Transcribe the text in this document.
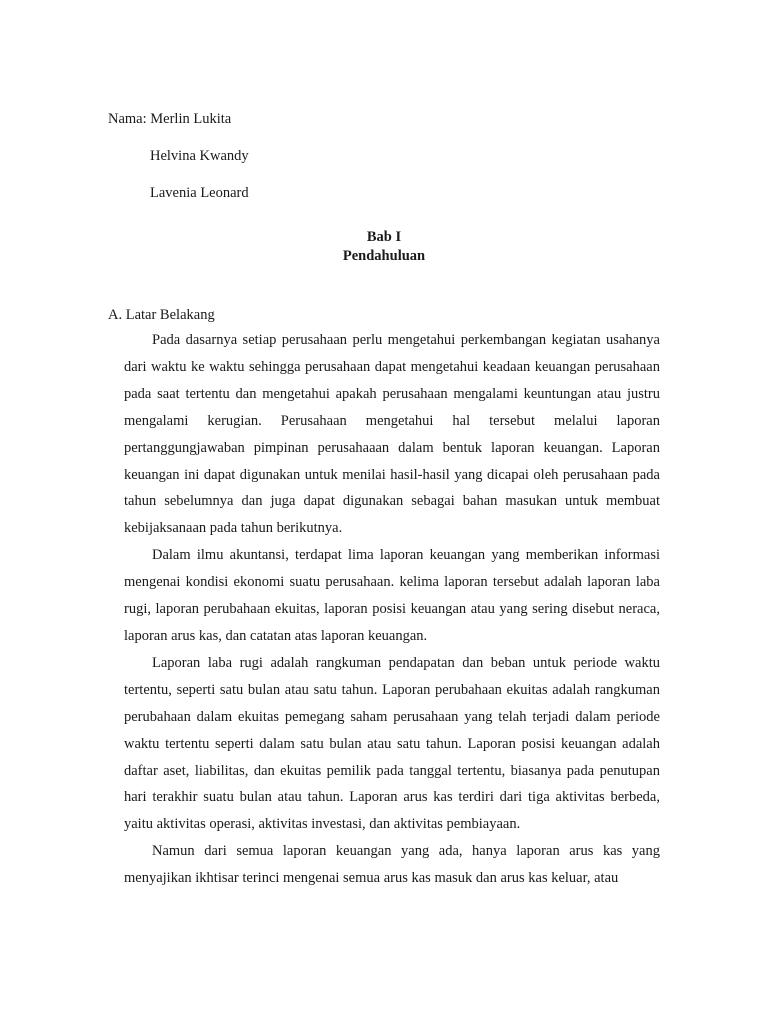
Nama: Merlin Lukita
Helvina Kwandy
Lavenia Leonard
Bab I
Pendahuluan
A. Latar Belakang

Pada dasarnya setiap perusahaan perlu mengetahui perkembangan kegiatan usahanya dari waktu ke waktu sehingga perusahaan dapat mengetahui keadaan keuangan perusahaan pada saat tertentu dan mengetahui apakah perusahaan mengalami keuntungan atau justru mengalami kerugian. Perusahaan mengetahui hal tersebut melalui laporan pertanggungjawaban pimpinan perusahaaan dalam bentuk laporan keuangan. Laporan keuangan ini dapat digunakan untuk menilai hasil-hasil yang dicapai oleh perusahaan pada tahun sebelumnya dan juga dapat digunakan sebagai bahan masukan untuk membuat kebijaksanaan pada tahun berikutnya.

Dalam ilmu akuntansi, terdapat lima laporan keuangan yang memberikan informasi mengenai kondisi ekonomi suatu perusahaan. kelima laporan tersebut adalah laporan laba rugi, laporan perubahaan ekuitas, laporan posisi keuangan atau yang sering disebut neraca, laporan arus kas, dan catatan atas laporan keuangan.

Laporan laba rugi adalah rangkuman pendapatan dan beban untuk periode waktu tertentu, seperti satu bulan atau satu tahun. Laporan perubahaan ekuitas adalah rangkuman perubahaan dalam ekuitas pemegang saham perusahaan yang telah terjadi dalam periode waktu tertentu seperti dalam satu bulan atau satu tahun. Laporan posisi keuangan adalah daftar aset, liabilitas, dan ekuitas pemilik pada tanggal tertentu, biasanya pada penutupan hari terakhir suatu bulan atau tahun. Laporan arus kas terdiri dari tiga aktivitas berbeda, yaitu aktivitas operasi, aktivitas investasi, dan aktivitas pembiayaan.

Namun dari semua laporan keuangan yang ada, hanya laporan arus kas yang menyajikan ikhtisar terinci mengenai semua arus kas masuk dan arus kas keluar, atau
